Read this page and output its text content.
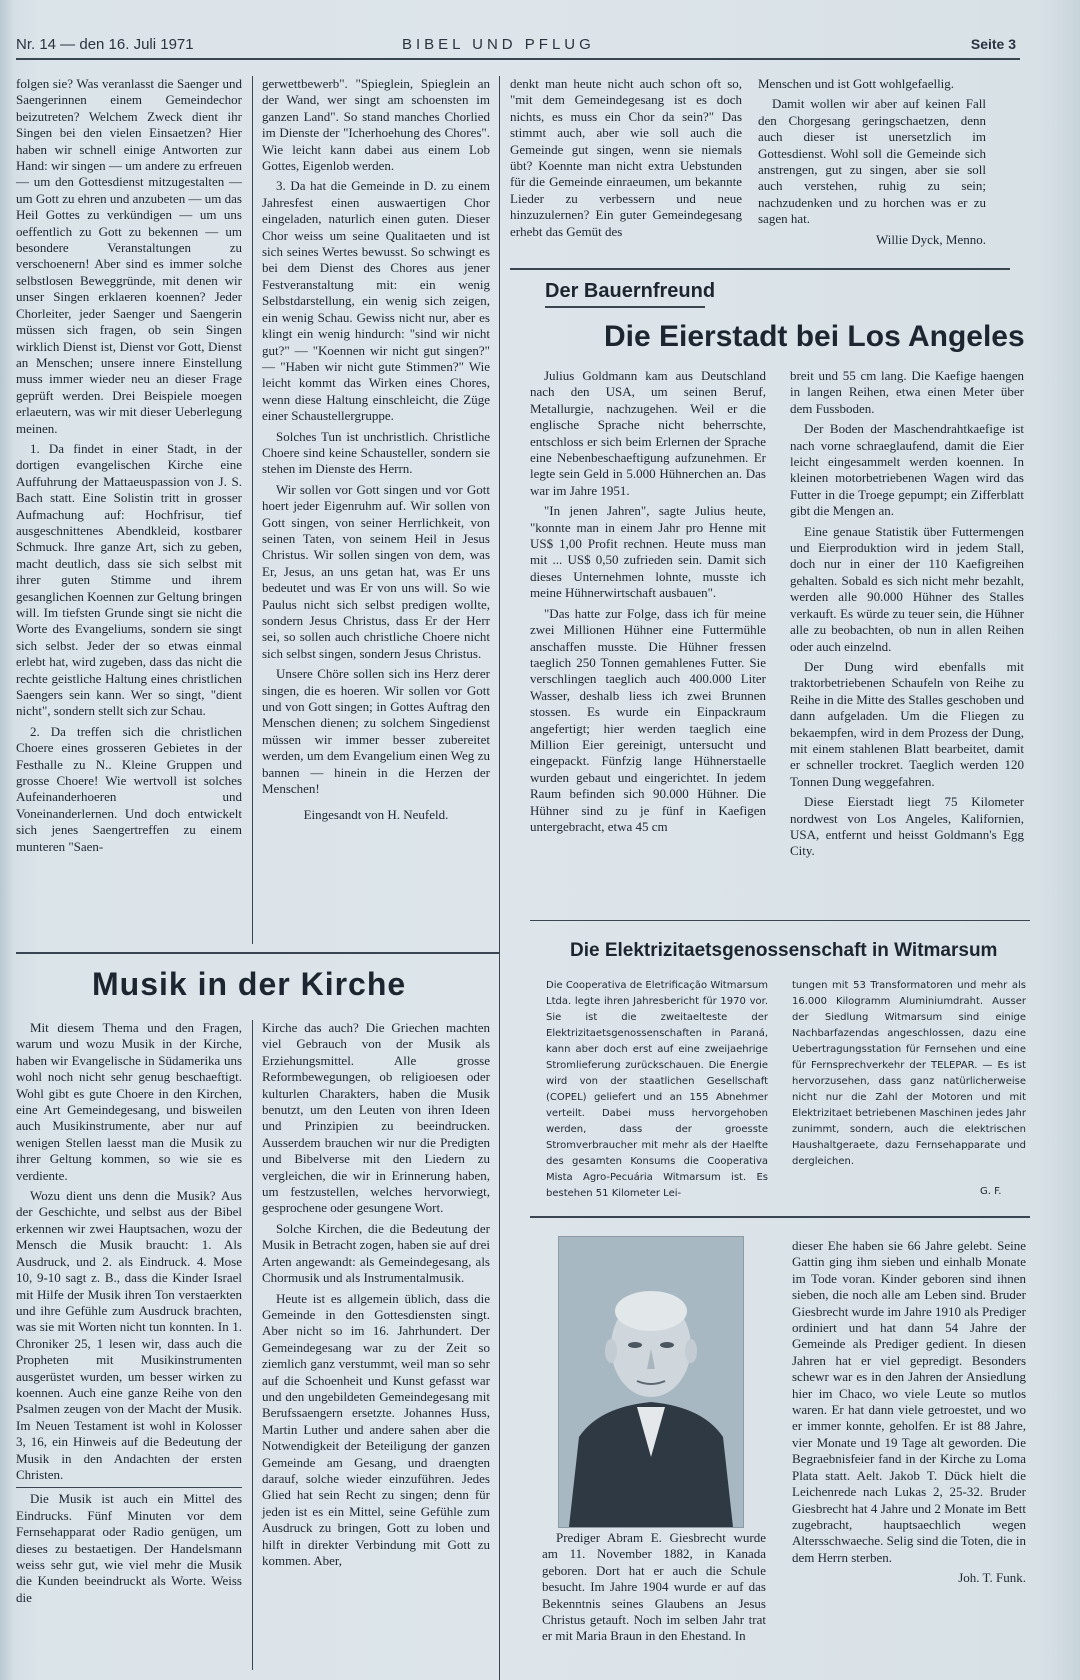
Nr. 14 — den 16. Juli 1971	BIBEL UND PFLUG	Seite 3

folgen sie? Was veranlasst die Saenger und Saengerinnen einem Gemeindechor beizutreten? Welchem Zweck dient ihr Singen bei den vielen Einsaetzen? Hier haben wir schnell einige Antworten zur Hand: wir singen — um andere zu erfreuen — um den Gottesdienst mitzugestalten — um Gott zu ehren und anzubeten — um das Heil Gottes zu verkündigen — um uns oeffentlich zu Gott zu bekennen — um besondere Veranstaltungen zu verschoenern! Aber sind es immer solche selbstlosen Beweggründe, mit denen wir unser Singen erklaeren koennen? Jeder Chorleiter, jeder Saenger und Saengerin müssen sich fragen, ob sein Singen wirklich Dienst ist, Dienst vor Gott, Dienst an Menschen; unsere innere Einstellung muss immer wieder neu an dieser Frage geprüft werden. Drei Beispiele moegen erlaeutern, was wir mit dieser Ueberlegung meinen.

1. Da findet in einer Stadt, in der dortigen evangelischen Kirche eine Auffuhrung der Mattaeuspassion von J. S. Bach statt. Eine Solistin tritt in grosser Aufmachung auf: Hochfrisur, tief ausgeschnittenes Abendkleid, kostbarer Schmuck. Ihre ganze Art, sich zu geben, macht deutlich, dass sie sich selbst mit ihrer guten Stimme und ihrem gesanglichen Koennen zur Geltung bringen will. Im tiefsten Grunde singt sie nicht die Worte des Evangeliums, sondern sie singt sich selbst. Jeder der so etwas einmal erlebt hat, wird zugeben, dass das nicht die rechte geistliche Haltung eines christlichen Saengers sein kann. Wer so singt, "dient nicht", sondern stellt sich zur Schau.

2. Da treffen sich die christlichen Choere eines grosseren Gebietes in der Festhalle zu N.. Kleine Gruppen und grosse Choere! Wie wertvoll ist solches Aufeinanderhoeren und Voneinanderlernen. Und doch entwickelt sich jenes Saengertreffen zu einem munteren "Saen-

gerwettbewerb". "Spieglein, Spieglein an der Wand, wer singt am schoensten im ganzen Land". So stand manches Chorlied im Dienste der "Icherhoehung des Chores". Wie leicht kann dabei aus einem Lob Gottes, Eigenlob werden.

3. Da hat die Gemeinde in D. zu einem Jahresfest einen auswaertigen Chor eingeladen, naturlich einen guten. Dieser Chor weiss um seine Qualitaeten und ist sich seines Wertes bewusst. So schwingt es bei dem Dienst des Chores aus jener Festveranstaltung mit: ein wenig Selbstdarstellung, ein wenig sich zeigen, ein wenig Schau. Gewiss nicht nur, aber es klingt ein wenig hindurch: "sind wir nicht gut?" — "Koennen wir nicht gut singen?" — "Haben wir nicht gute Stimmen?" Wie leicht kommt das Wirken eines Chores, wenn diese Haltung einschleicht, die Züge einer Schaustellergruppe.

Solches Tun ist unchristlich. Christliche Choere sind keine Schausteller, sondern sie stehen im Dienste des Herrn.

Wir sollen vor Gott singen und vor Gott hoert jeder Eigenruhm auf. Wir sollen von Gott singen, von seiner Herrlichkeit, von seinen Taten, von seinem Heil in Jesus Christus. Wir sollen singen von dem, was Er, Jesus, an uns getan hat, was Er uns bedeutet und was Er von uns will. So wie Paulus nicht sich selbst predigen wollte, sondern Jesus Christus, dass Er der Herr sei, so sollen auch christliche Choere nicht sich selbst singen, sondern Jesus Christus.

Unsere Chöre sollen sich ins Herz derer singen, die es hoeren. Wir sollen vor Gott und von Gott singen; in Gottes Auftrag den Menschen dienen; zu solchem Singedienst müssen wir immer besser zubereitet werden, um dem Evangelium einen Weg zu bannen — hinein in die Herzen der Menschen!

Eingesandt von H. Neufeld.

denkt man heute nicht auch schon oft so, "mit dem Gemeindegesang ist es doch nichts, es muss ein Chor da sein?" Das stimmt auch, aber wie soll auch die Gemeinde gut singen, wenn sie niemals übt? Koennte man nicht extra Uebstunden für die Gemeinde einraeumen, um bekannte Lieder zu verbessern und neue hinzuzulernen? Ein guter Gemeindegesang erhebt das Gemüt des

Menschen und ist Gott wohlgefaellig.

Damit wollen wir aber auf keinen Fall den Chorgesang geringschaetzen, denn auch dieser ist unersetzlich im Gottesdienst. Wohl soll die Gemeinde sich anstrengen, gut zu singen, aber sie soll auch verstehen, ruhig zu sein; nachzudenken und zu horchen was er zu sagen hat.

Willie Dyck, Menno.

Der Bauernfreund
Die Eierstadt bei Los Angeles

Julius Goldmann kam aus Deutschland nach den USA, um seinen Beruf, Metallurgie, nachzugehen. Weil er die englische Sprache nicht beherrschte, entschloss er sich beim Erlernen der Sprache eine Nebenbeschaeftigung aufzunehmen. Er legte sein Geld in 5.000 Hühnerchen an. Das war im Jahre 1951.

"In jenen Jahren", sagte Julius heute, "konnte man in einem Jahr pro Henne mit US$ 1,00 Profit rechnen. Heute muss man mit ... US$ 0,50 zufrieden sein. Damit sich dieses Unternehmen lohnte, musste ich meine Hühnerwirtschaft ausbauen".

"Das hatte zur Folge, dass ich für meine zwei Millionen Hühner eine Futtermühle anschaffen musste. Die Hühner fressen taeglich 250 Tonnen gemahlenes Futter. Sie verschlingen taeglich auch 400.000 Liter Wasser, deshalb liess ich zwei Brunnen stossen. Es wurde ein Einpackraum angefertigt; hier werden taeglich eine Million Eier gereinigt, untersucht und eingepackt. Fünfzig lange Hühnerstaelle wurden gebaut und eingerichtet. In jedem Raum befinden sich 90.000 Hühner. Die Hühner sind zu je fünf in Kaefigen untergebracht, etwa 45 cm

breit und 55 cm lang. Die Kaefige haengen in langen Reihen, etwa einen Meter über dem Fussboden.

Der Boden der Maschendrahtkaefige ist nach vorne schraeglaufend, damit die Eier leicht eingesammelt werden koennen. In kleinen motorbetriebenen Wagen wird das Futter in die Troege gepumpt; ein Zifferblatt gibt die Mengen an.

Eine genaue Statistik über Futtermengen und Eierproduktion wird in jedem Stall, doch nur in einer der 110 Kaefigreihen gehalten. Sobald es sich nicht mehr bezahlt, werden alle 90.000 Hühner des Stalles verkauft. Es würde zu teuer sein, die Hühner alle zu beobachten, ob nun in allen Reihen oder auch einzelnd.

Der Dung wird ebenfalls mit traktorbetriebenen Schaufeln von Reihe zu Reihe in die Mitte des Stalles geschoben und dann aufgeladen. Um die Fliegen zu bekaempfen, wird in dem Prozess der Dung, mit einem stahlenen Blatt bearbeitet, damit er schneller trockret. Taeglich werden 120 Tonnen Dung weggefahren.

Diese Eierstadt liegt 75 Kilometer nordwest von Los Angeles, Kalifornien, USA, entfernt und heisst Goldmann's Egg City.

Die Elektrizitaetsgenossenschaft in Witmarsum
Die Cooperativa de Eletrificação Witmarsum Ltda. legte ihren Jahresbericht für 1970 vor. Sie ist die zweitaelteste der Elektrizitaetsgenossenschaften in Paraná, kann aber doch erst auf eine zweijaehrige Stromlieferung zurückschauen. Die Energie wird von der staatlichen Gesellschaft (COPEL) geliefert und an 155 Abnehmer verteilt. Dabei muss hervorgehoben werden, dass der groesste Stromverbraucher mit mehr als der Haelfte des gesamten Konsums die Cooperativa Mista Agro-Pecuária Witmarsum ist. Es bestehen 51 Kilometer Lei-
tungen mit 53 Transformatoren und mehr als 16.000 Kilogramm Aluminiumdraht. Ausser der Siedlung Witmarsum sind einige Nachbarfazendas angeschlossen, dazu eine Uebertragungsstation für Fernsehen und eine für Fernsprechverkehr der TELEPAR. — Es ist hervorzusehen, dass ganz natürlicherweise nicht nur die Zahl der Motoren und mit Elektrizitaet betriebenen Maschinen jedes Jahr zunimmt, sondern, auch die elektrischen Haushaltgeraete, dazu Fernsehapparate und dergleichen.
G. F.

Prediger Abram E. Giesbrecht wurde am 11. November 1882, in Kanada geboren. Dort hat er auch die Schule besucht. Im Jahre 1904 wurde er auf das Bekenntnis seines Glaubens an Jesus Christus getauft. Noch im selben Jahr trat er mit Maria Braun in den Ehestand. In

dieser Ehe haben sie 66 Jahre gelebt. Seine Gattin ging ihm sieben und einhalb Monate im Tode voran. Kinder geboren sind ihnen sieben, die noch alle am Leben sind. Bruder Giesbrecht wurde im Jahre 1910 als Prediger ordiniert und hat dann 54 Jahre der Gemeinde als Prediger gedient. In diesen Jahren hat er viel gepredigt. Besonders schewr war es in den Jahren der Ansiedlung hier im Chaco, wo viele Leute so mutlos waren. Er hat dann viele getroestet, und wo er immer konnte, geholfen. Er ist 88 Jahre, vier Monate und 19 Tage alt geworden. Die Begraebnisfeier fand in der Kirche zu Loma Plata statt. Aelt. Jakob T. Dück hielt die Leichenrede nach Lukas 2, 25-32. Bruder Giesbrecht hat 4 Jahre und 2 Monate im Bett zugebracht, hauptsaechlich wegen Altersschwaeche. Selig sind die Toten, die in dem Herrn sterben.

Joh. T. Funk.

Musik in der Kirche

Mit diesem Thema und den Fragen, warum und wozu Musik in der Kirche, haben wir Evangelische in Südamerika uns wohl noch nicht sehr genug beschaeftigt. Wohl gibt es gute Choere in den Kirchen, eine Art Gemeindegesang, und bisweilen auch Musikinstrumente, aber nur auf wenigen Stellen laesst man die Musik zu ihrer Geltung kommen, so wie sie es verdiente.

Wozu dient uns denn die Musik? Aus der Geschichte, und selbst aus der Bibel erkennen wir zwei Hauptsachen, wozu der Mensch die Musik braucht: 1. Als Ausdruck, und 2. als Eindruck. 4. Mose 10, 9-10 sagt z. B., dass die Kinder Israel mit Hilfe der Musik ihren Ton verstaerkten und ihre Gefühle zum Ausdruck brachten, was sie mit Worten nicht tun konnten. In 1. Chroniker 25, 1 lesen wir, dass auch die Propheten mit Musikinstrumenten ausgerüstet wurden, um besser wirken zu koennen. Auch eine ganze Reihe von den Psalmen zeugen von der Macht der Musik. Im Neuen Testament ist wohl in Kolosser 3, 16, ein Hinweis auf die Bedeutung der Musik in den Andachten der ersten Christen.

Die Musik ist auch ein Mittel des Eindrucks. Fünf Minuten vor dem Fernsehapparat oder Radio genügen, um dieses zu bestaetigen. Der Handelsmann weiss sehr gut, wie viel mehr die Musik die Kunden beeindruckt als Worte. Weiss die

Kirche das auch? Die Griechen machten viel Gebrauch von der Musik als Erziehungsmittel. Alle grosse Reformbewegungen, ob religioesen oder kulturlen Charakters, haben die Musik benutzt, um den Leuten von ihren Ideen und Prinzipien zu beeindrucken. Ausserdem brauchen wir nur die Predigten und Bibelverse mit den Liedern zu vergleichen, die wir in Erinnerung haben, um festzustellen, welches hervorwiegt, gesprochene oder gesungene Wort.

Solche Kirchen, die die Bedeutung der Musik in Betracht zogen, haben sie auf drei Arten angewandt: als Gemeindegesang, als Chormusik und als Instrumentalmusik.

Heute ist es allgemein üblich, dass die Gemeinde in den Gottesdiensten singt. Aber nicht so im 16. Jahrhundert. Der Gemeindegesang war zu der Zeit so ziemlich ganz verstummt, weil man so sehr auf die Schoenheit und Kunst gefasst war und den ungebildeten Gemeindegesang mit Berufssaengern ersetzte. Johannes Huss, Martin Luther und andere sahen aber die Notwendigkeit der Beteiligung der ganzen Gemeinde am Gesang, und draengten darauf, solche wieder einzuführen. Jedes Glied hat sein Recht zu singen; denn für jeden ist es ein Mittel, seine Gefühle zum Ausdruck zu bringen, Gott zu loben und hilft in direkter Verbindung mit Gott zu kommen. Aber,
